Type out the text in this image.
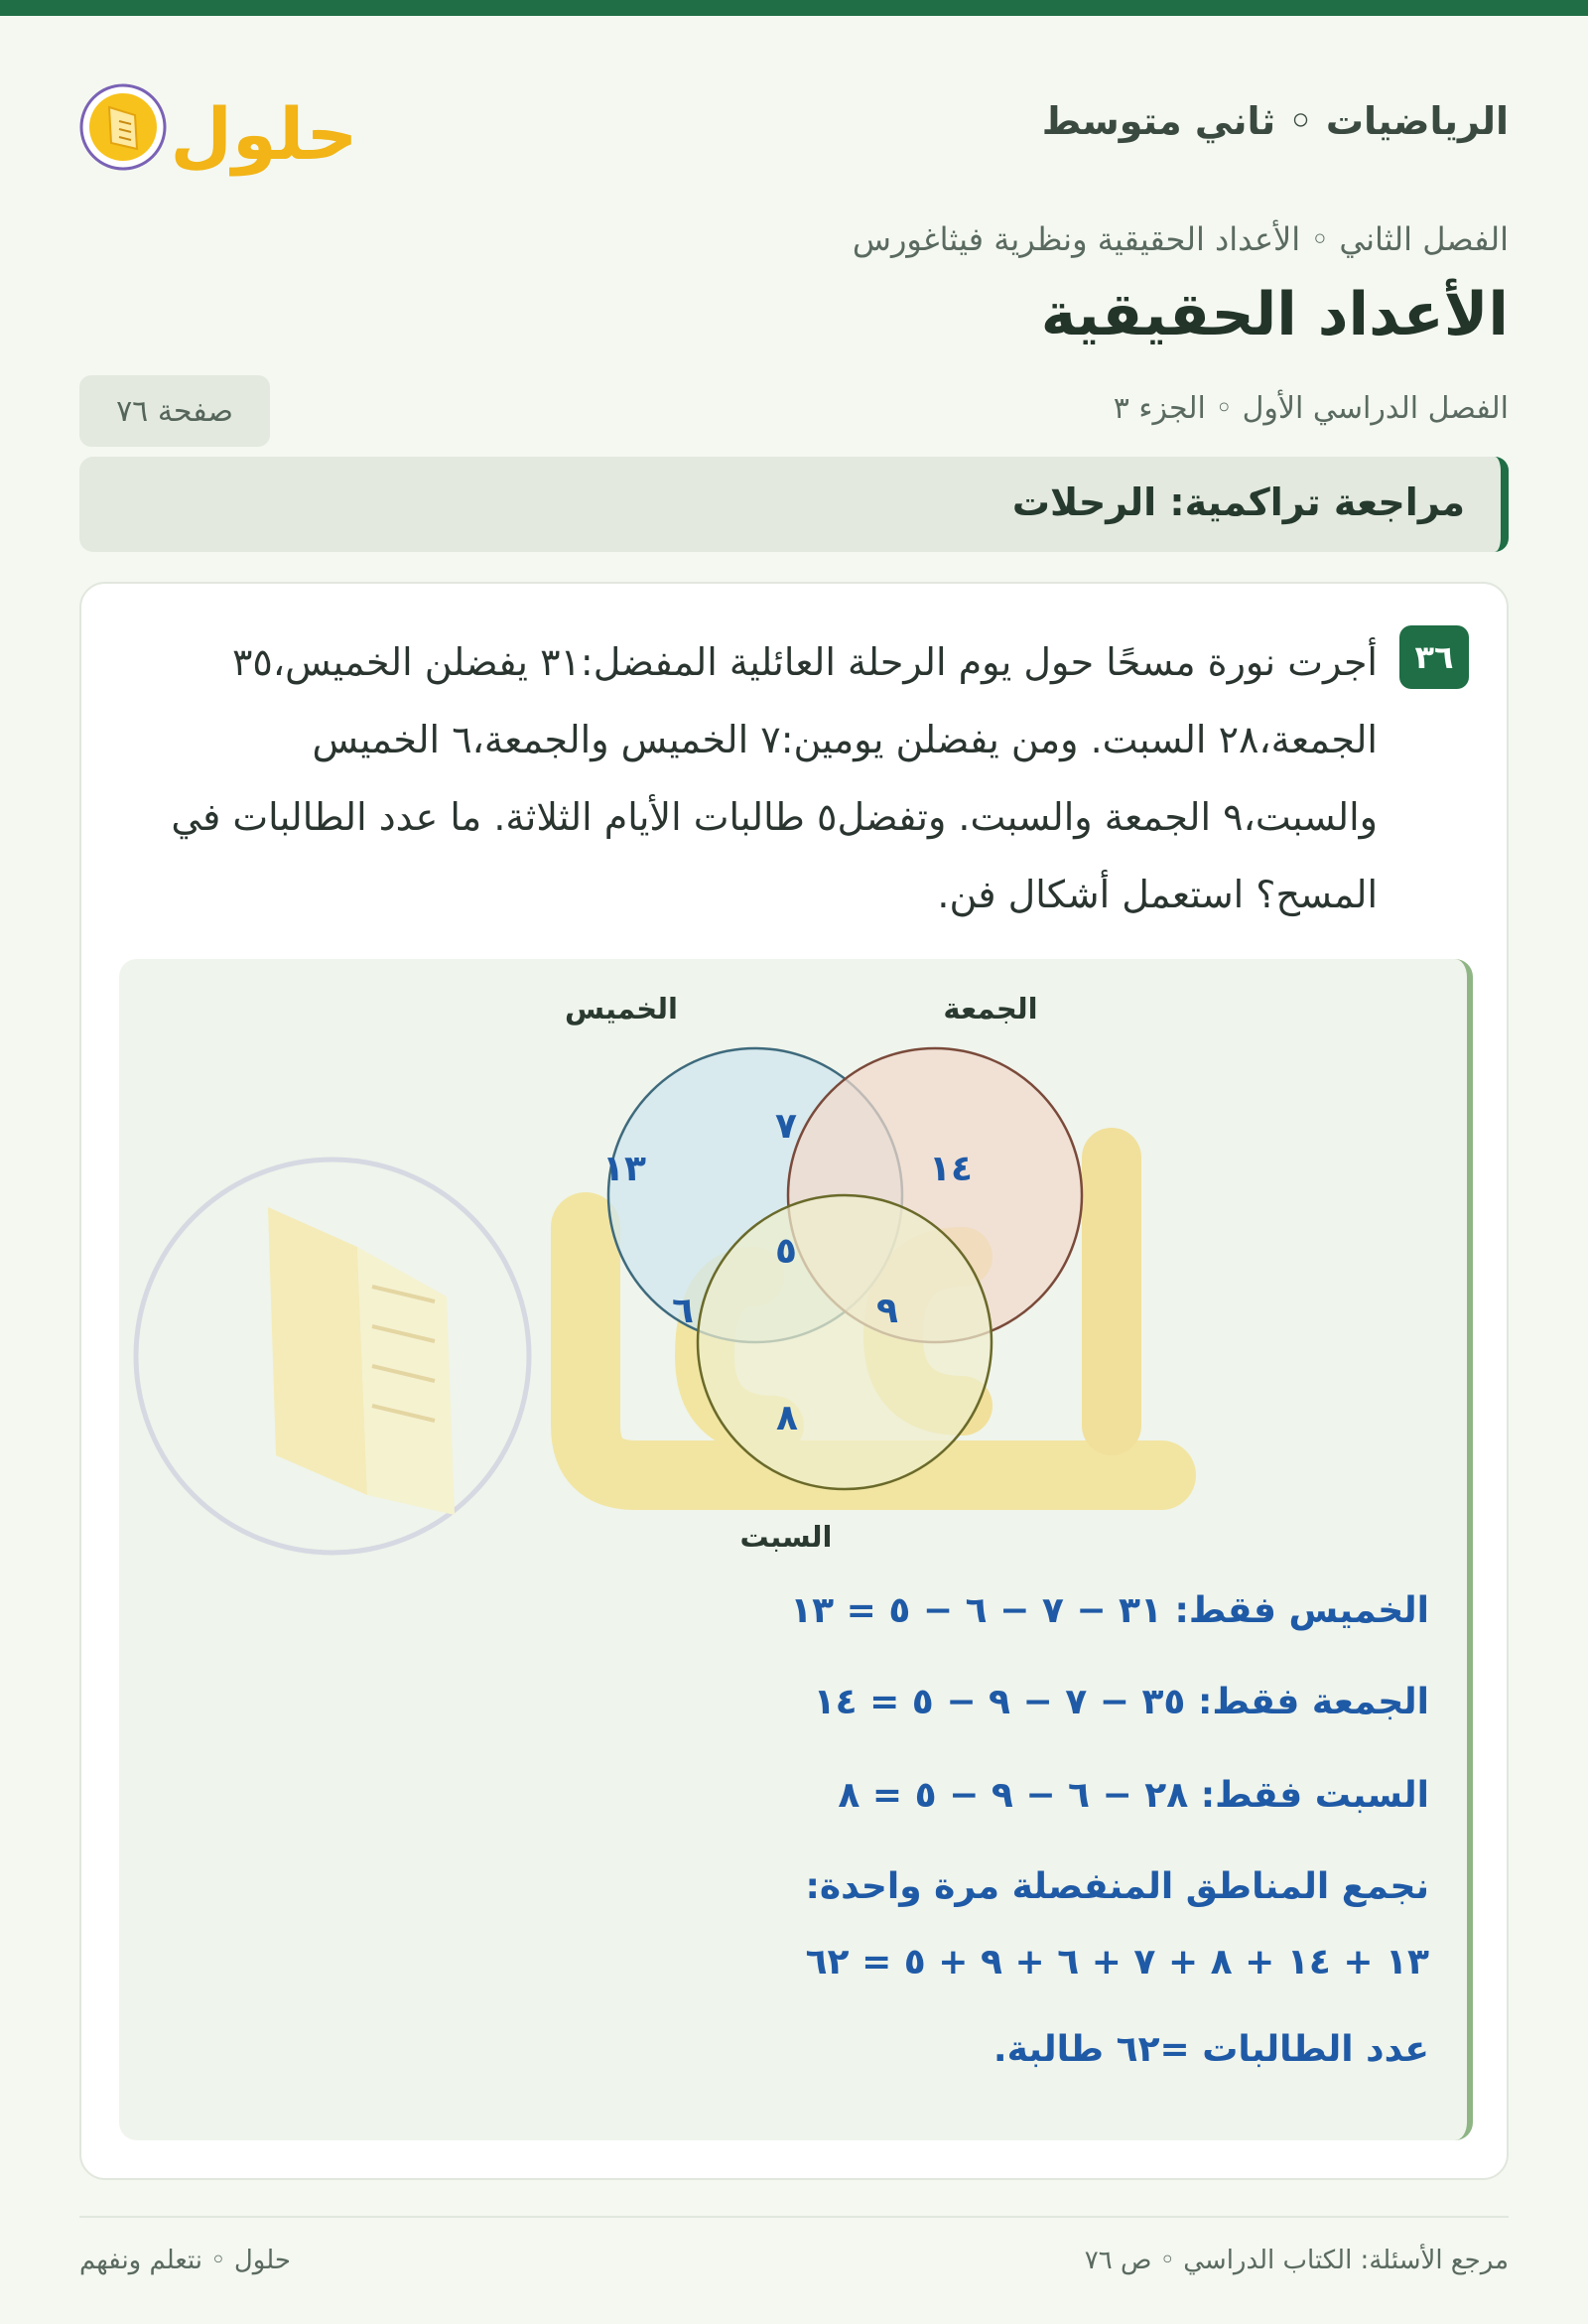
الرياضيات ◦ ثاني متوسط
حلول
الفصل الثاني ◦ الأعداد الحقيقية ونظرية فيثاغورس
الأعداد الحقيقية
الفصل الدراسي الأول ◦ الجزء ٣
صفحة ٧٦
مراجعة تراكمية: الرحلات
٣٦
أجرت نورة مسحًا حول يوم الرحلة العائلية المفضل:٣١ يفضلن الخميس،٣٥ الجمعة،٢٨ السبت. ومن يفضلن يومين:٧ الخميس والجمعة،٦ الخميس والسبت،٩ الجمعة والسبت. وتفضل٥ طالبات الأيام الثلاثة. ما عدد الطالبات في المسح؟ استعمل أشكال فن.
الخميس	الجمعة
السبت
١٣	١٤
٨
٧
٦	٩
٥
الخميس فقط: ٣١ − ٧ − ٦ − ٥ = ١٣
الجمعة فقط: ٣٥ − ٧ − ٩ − ٥ = ١٤
السبت فقط: ٢٨ − ٦ − ٩ − ٥ = ٨
نجمع المناطق المنفصلة مرة واحدة:
١٣ + ١٤ + ٨ + ٧ + ٦ + ٩ + ٥ = ٦٢
عدد الطالبات =٦٢ طالبة.
مرجع الأسئلة: الكتاب الدراسي ◦ ص ٧٦
حلول ◦ نتعلم ونفهم
